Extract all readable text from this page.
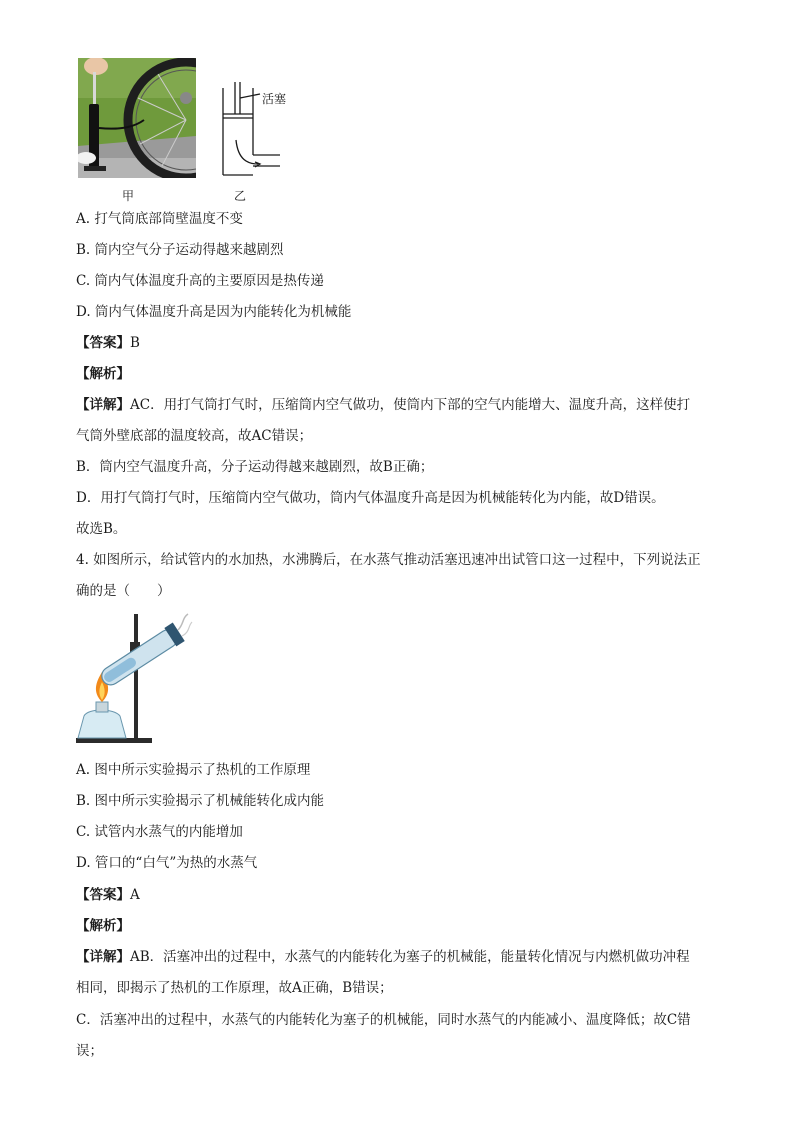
甲
活塞
乙
A. 打气筒底部筒壁温度不变
B. 筒内空气分子运动得越来越剧烈
C. 筒内气体温度升高的主要原因是热传递
D. 筒内气体温度升高是因为内能转化为机械能
【答案】B
【解析】
【详解】AC．用打气筒打气时，压缩筒内空气做功，使筒内下部的空气内能增大、温度升高，这样使打
气筒外壁底部的温度较高，故AC错误；
B．筒内空气温度升高，分子运动得越来越剧烈，故B正确；
D．用打气筒打气时，压缩筒内空气做功，筒内气体温度升高是因为机械能转化为内能，故D错误。
故选B。
4. 如图所示，给试管内的水加热，水沸腾后，在水蒸气推动活塞迅速冲出试管口这一过程中，下列说法正
确的是（　　）
A. 图中所示实验揭示了热机的工作原理
B. 图中所示实验揭示了机械能转化成内能
C. 试管内水蒸气的内能增加
D. 管口的“白气”为热的水蒸气
【答案】A
【解析】
【详解】AB．活塞冲出的过程中，水蒸气的内能转化为塞子的机械能，能量转化情况与内燃机做功冲程
相同，即揭示了热机的工作原理，故A正确，B错误；
C．活塞冲出的过程中，水蒸气的内能转化为塞子的机械能，同时水蒸气的内能减小、温度降低；故C错
误；
